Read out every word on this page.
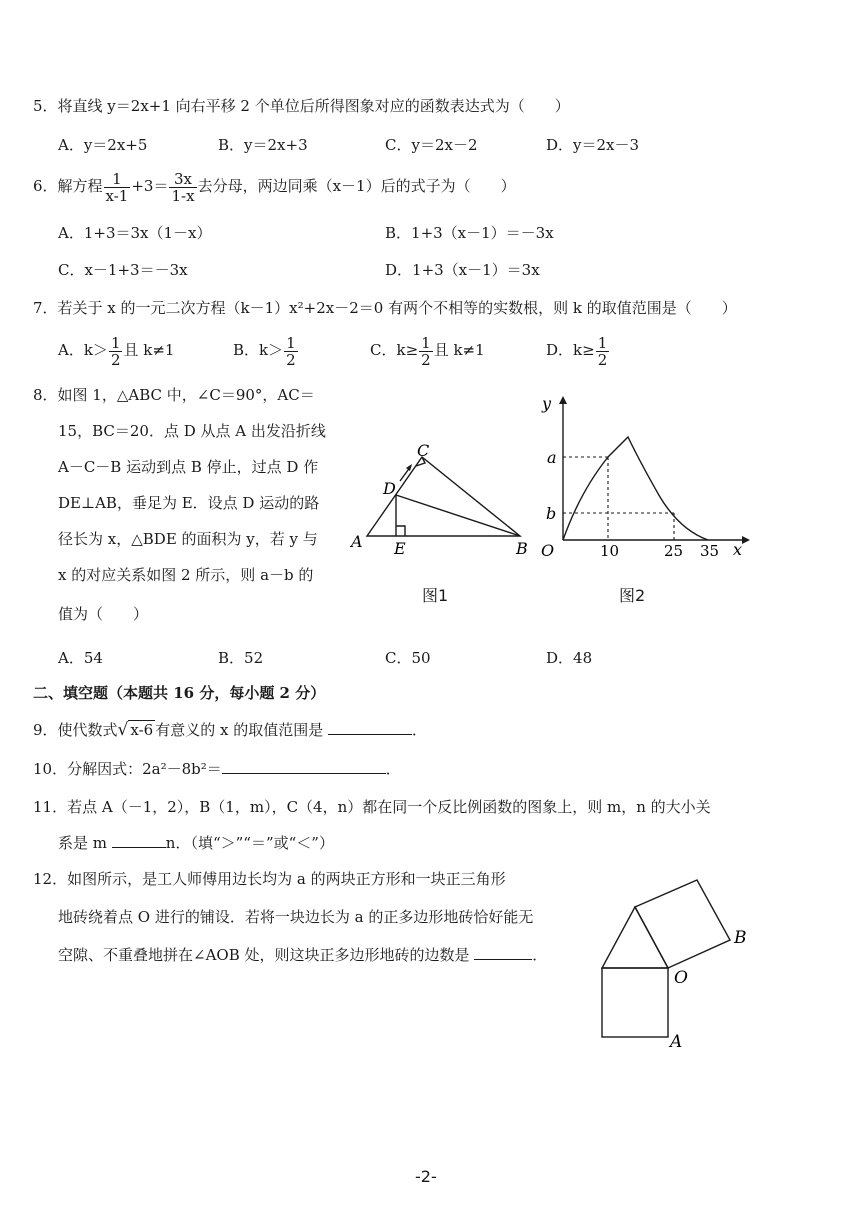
5．将直线 y＝2x+1 向右平移 2 个单位后所得图象对应的函数表达式为（　　）
A．y＝2x+5	B．y＝2x+3	C．y＝2x－2	D．y＝2x－3
6．解方程 $\frac{1}{x-1} +3= \frac{3x}{1-x}$ 去分母，两边同乘（x－1）后的式子为（　　）
A．1+3＝3x（1－x）	B．1+3（x－1）＝－3x
C．x－1+3＝－3x	D．1+3（x－1）＝3x
7．若关于 x 的一元二次方程（k－1）x²+2x－2＝0 有两个不相等的实数根，则 k 的取值范围是（　　）
A．$k> \frac{1}{2}$ 且 k≠1	B．$k> \frac{1}{2}$	C．$k\ge \frac{1}{2}$ 且 k≠1	D．$k\ge \frac{1}{2}$
8．如图 1，△ABC 中，∠C＝90°，AC＝
15，BC＝20．点 D 从点 A 出发沿折线
A－C－B 运动到点 B 停止，过点 D 作
DE⊥AB，垂足为 E．设点 D 运动的路
径长为 x，△BDE 的面积为 y，若 y 与
x 的对应关系如图 2 所示，则 a－b 的
值为（　　）
A	B
C
D
E
图1
y
x
O
a
b
10	25 35
图2
A．54	B．52	C．50	D．48
二、填空题（本题共 16 分，每小题 2 分）
9．使代数式√ x-6 有意义的 x 的取值范围是	．
10．分解因式：2a²－8b²＝	．
11．若点 A（－1，2），B（1，m），C（4，n）都在同一个反比例函数的图象上，则 m，n 的大小关
系是 m	n．（填“＞”“＝”或“＜”）
12．如图所示，是工人师傅用边长均为 a 的两块正方形和一块正三角形
地砖绕着点 O 进行的铺设．若将一块边长为 a 的正多边形地砖恰好能无
空隙、不重叠地拼在∠AOB 处，则这块正多边形地砖的边数是	．
O
A
B
-2-
